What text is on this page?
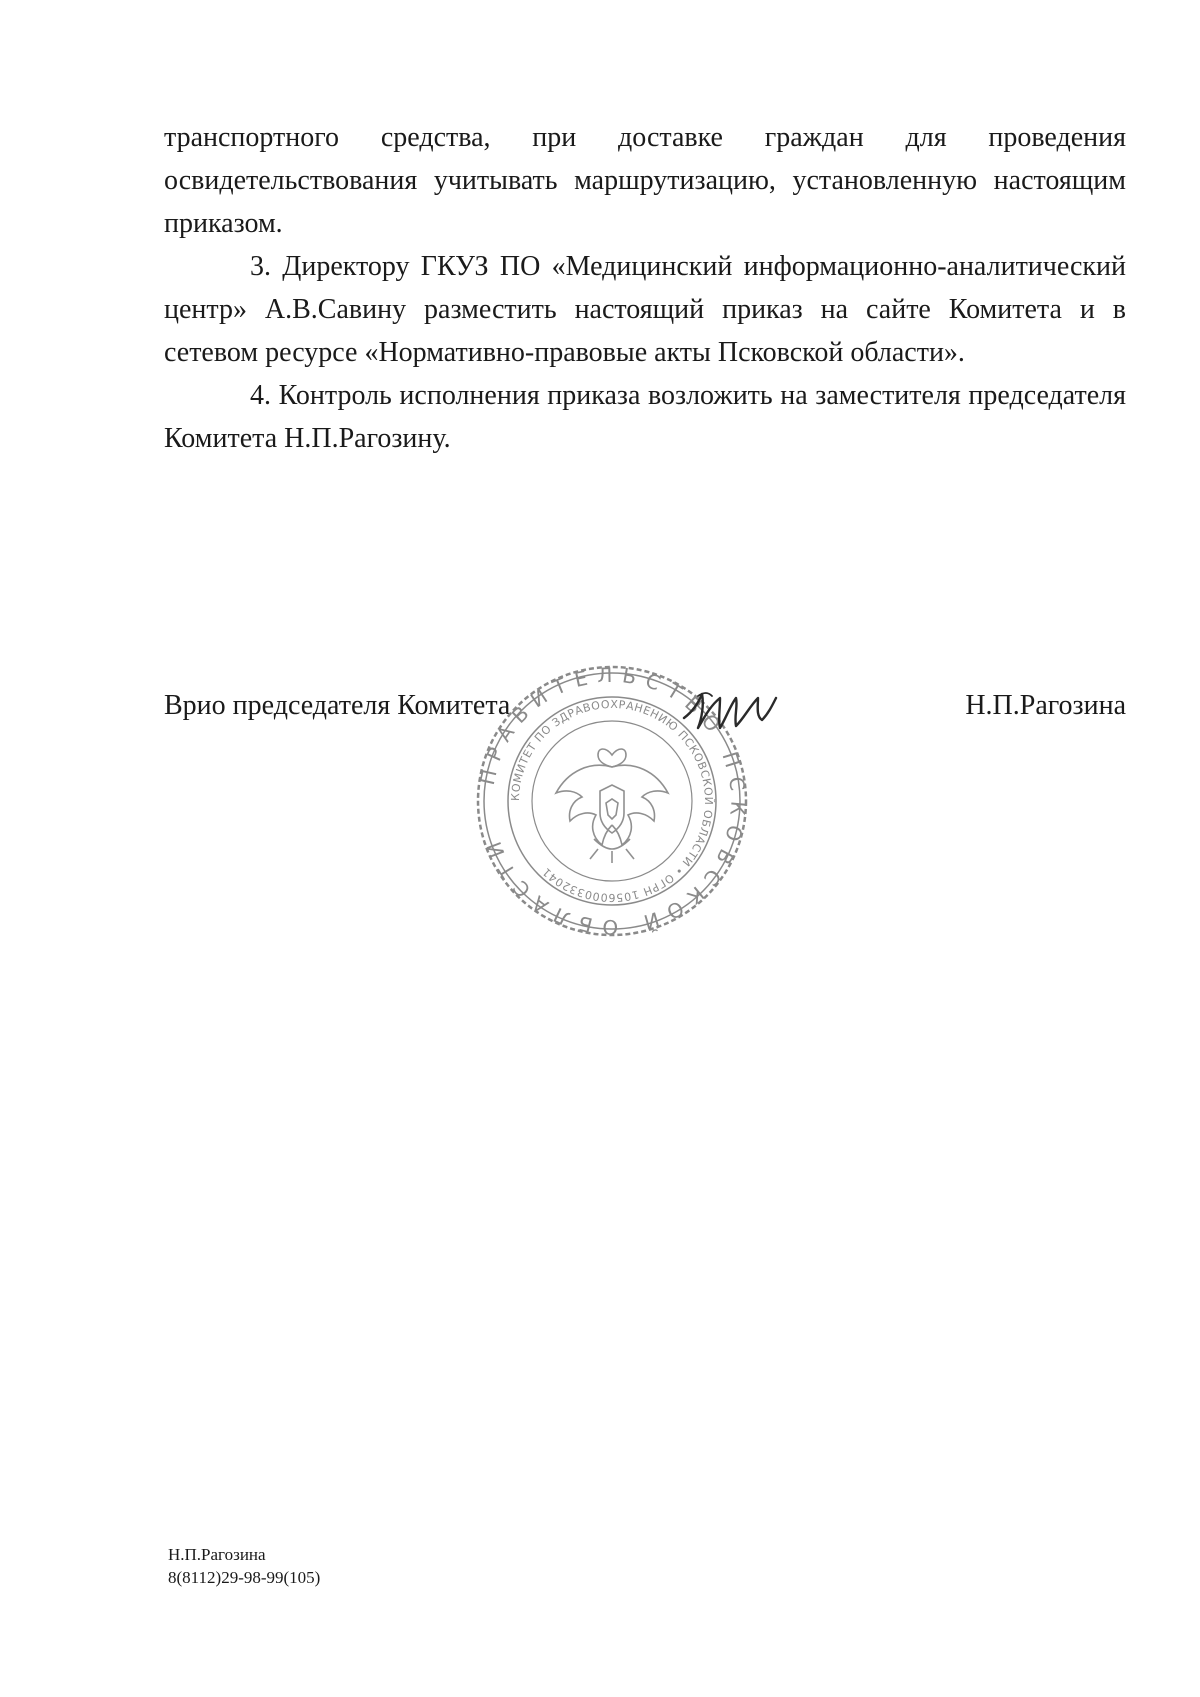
транспортного средства, при доставке граждан для проведения освидетельствования учитывать маршрутизацию, установленную настоящим приказом.

3. Директору ГКУЗ ПО «Медицинский информационно-аналитический центр» А.В.Савину разместить настоящий приказ на сайте Комитета и в сетевом ресурсе «Нормативно-правовые акты Псковской области».

4. Контроль исполнения приказа возложить на заместителя председателя Комитета Н.П.Рагозину.

Врио председателя Комитета	Н.П.Рагозина
ПРАВИТЕЛЬСТВО ПСКОВСКОЙ ОБЛАСТИ
КОМИТЕТ ПО ЗДРАВООХРАНЕНИЮ ПСКОВСКОЙ ОБЛАСТИ • ОГРН 1056000332041
Н.П.Рагозина
8(8112)29-98-99(105)
